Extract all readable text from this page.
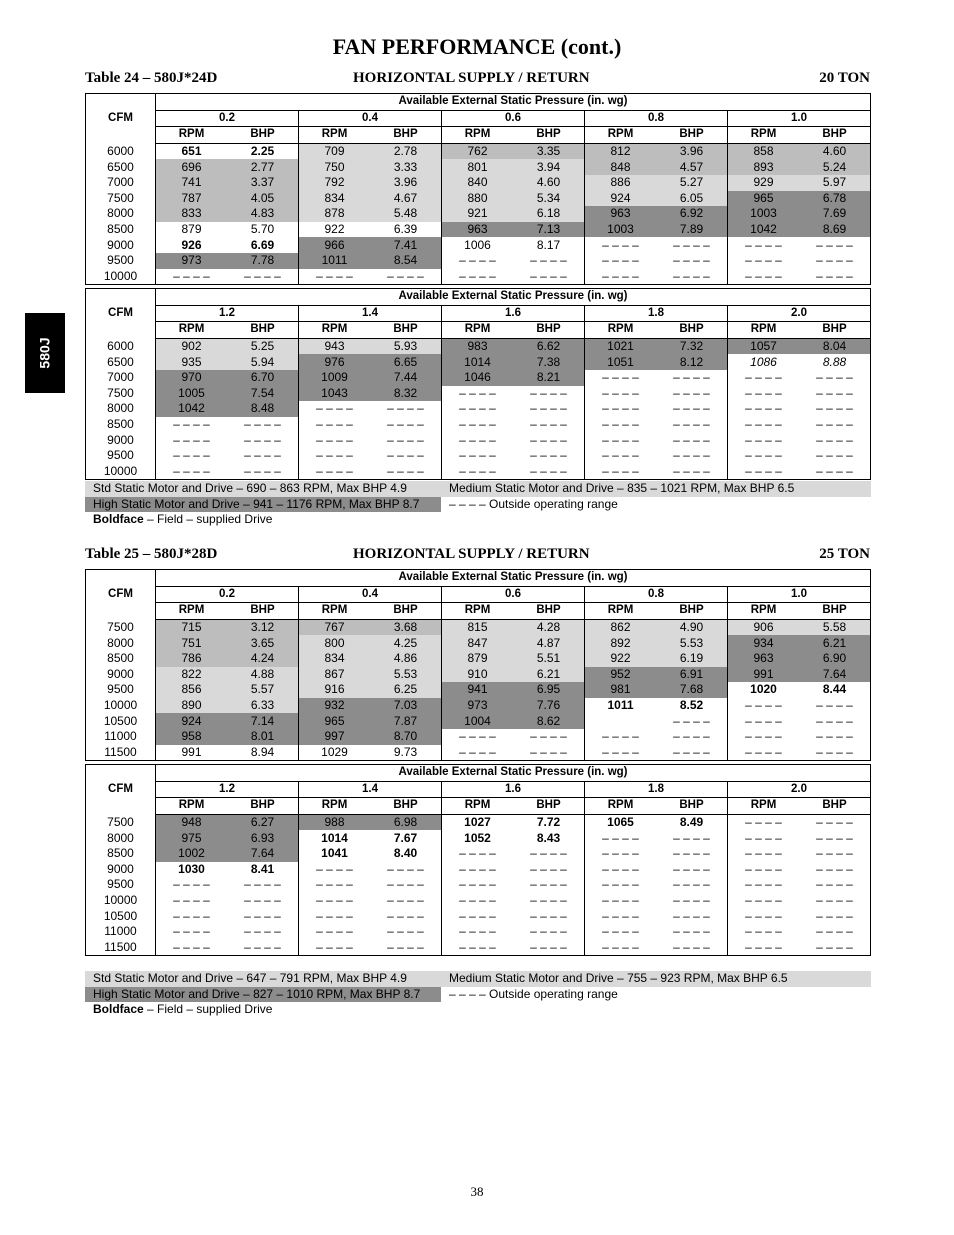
FAN PERFORMANCE (cont.)
580J
Table 24 – 580J*24D	HORIZONTAL SUPPLY / RETURN	20 TON
CFM	Available External Static Pressure (in. wg)									
	0.2		0.4		0.6		0.8		1.0	
	RPM	BHP	RPM	BHP	RPM	BHP	RPM	BHP	RPM	BHP
6000	651	2.25	709	2.78	762	3.35	812	3.96	858	4.60
6500	696	2.77	750	3.33	801	3.94	848	4.57	893	5.24
7000	741	3.37	792	3.96	840	4.60	886	5.27	929	5.97
7500	787	4.05	834	4.67	880	5.34	924	6.05	965	6.78
8000	833	4.83	878	5.48	921	6.18	963	6.92	1003	7.69
8500	879	5.70	922	6.39	963	7.13	1003	7.89	1042	8.69
9000	926	6.69	966	7.41	1006	8.17	– – – –	– – – –	– – – –	– – – –
9500	973	7.78	1011	8.54	– – – –	– – – –	– – – –	– – – –	– – – –	– – – –
10000	– – – –	– – – –	– – – –	– – – –	– – – –	– – – –	– – – –	– – – –	– – – –	– – – –
CFM	Available External Static Pressure (in. wg)									
	1.2		1.4		1.6		1.8		2.0	
	RPM	BHP	RPM	BHP	RPM	BHP	RPM	BHP	RPM	BHP
6000	902	5.25	943	5.93	983	6.62	1021	7.32	1057	8.04
6500	935	5.94	976	6.65	1014	7.38	1051	8.12	1086	8.88
7000	970	6.70	1009	7.44	1046	8.21	– – – –	– – – –	– – – –	– – – –
7500	1005	7.54	1043	8.32	– – – –	– – – –	– – – –	– – – –	– – – –	– – – –
8000	1042	8.48	– – – –	– – – –	– – – –	– – – –	– – – –	– – – –	– – – –	– – – –
8500	– – – –	– – – –	– – – –	– – – –	– – – –	– – – –	– – – –	– – – –	– – – –	– – – –
9000	– – – –	– – – –	– – – –	– – – –	– – – –	– – – –	– – – –	– – – –	– – – –	– – – –
9500	– – – –	– – – –	– – – –	– – – –	– – – –	– – – –	– – – –	– – – –	– – – –	– – – –
10000	– – – –	– – – –	– – – –	– – – –	– – – –	– – – –	– – – –	– – – –	– – – –	– – – –
Std Static Motor and Drive – 690 – 863 RPM, Max BHP 4.9	Medium Static Motor and Drive – 835 – 1021 RPM, Max BHP 6.5
High Static Motor and Drive – 941 – 1176 RPM, Max BHP 8.7	– – – – Outside operating range
Boldface – Field – supplied Drive
Table 25 – 580J*28D	HORIZONTAL SUPPLY / RETURN	25 TON
CFM	Available External Static Pressure (in. wg)									
	0.2		0.4		0.6		0.8		1.0	
	RPM	BHP	RPM	BHP	RPM	BHP	RPM	BHP	RPM	BHP
7500	715	3.12	767	3.68	815	4.28	862	4.90	906	5.58
8000	751	3.65	800	4.25	847	4.87	892	5.53	934	6.21
8500	786	4.24	834	4.86	879	5.51	922	6.19	963	6.90
9000	822	4.88	867	5.53	910	6.21	952	6.91	991	7.64
9500	856	5.57	916	6.25	941	6.95	981	7.68	1020	8.44
10000	890	6.33	932	7.03	973	7.76	1011	8.52	– – – –	– – – –
10500	924	7.14	965	7.87	1004	8.62		– – – –	– – – –	– – – –
11000	958	8.01	997	8.70	– – – –	– – – –	– – – –	– – – –	– – – –	– – – –
11500	991	8.94	1029	9.73	– – – –	– – – –	– – – –	– – – –	– – – –	– – – –
CFM	Available External Static Pressure (in. wg)									
	1.2		1.4		1.6		1.8		2.0	
	RPM	BHP	RPM	BHP	RPM	BHP	RPM	BHP	RPM	BHP
7500	948	6.27	988	6.98	1027	7.72	1065	8.49	– – – –	– – – –
8000	975	6.93	1014	7.67	1052	8.43	– – – –	– – – –	– – – –	– – – –
8500	1002	7.64	1041	8.40	– – – –	– – – –	– – – –	– – – –	– – – –	– – – –
9000	1030	8.41	– – – –	– – – –	– – – –	– – – –	– – – –	– – – –	– – – –	– – – –
9500	– – – –	– – – –	– – – –	– – – –	– – – –	– – – –	– – – –	– – – –	– – – –	– – – –
10000	– – – –	– – – –	– – – –	– – – –	– – – –	– – – –	– – – –	– – – –	– – – –	– – – –
10500	– – – –	– – – –	– – – –	– – – –	– – – –	– – – –	– – – –	– – – –	– – – –	– – – –
11000	– – – –	– – – –	– – – –	– – – –	– – – –	– – – –	– – – –	– – – –	– – – –	– – – –
11500	– – – –	– – – –	– – – –	– – – –	– – – –	– – – –	– – – –	– – – –	– – – –	– – – –
Std Static Motor and Drive – 647 – 791 RPM, Max BHP 4.9	Medium Static Motor and Drive – 755 – 923 RPM, Max BHP 6.5
High Static Motor and Drive – 827 – 1010 RPM, Max BHP 8.7	– – – – Outside operating range
Boldface – Field – supplied Drive
38
